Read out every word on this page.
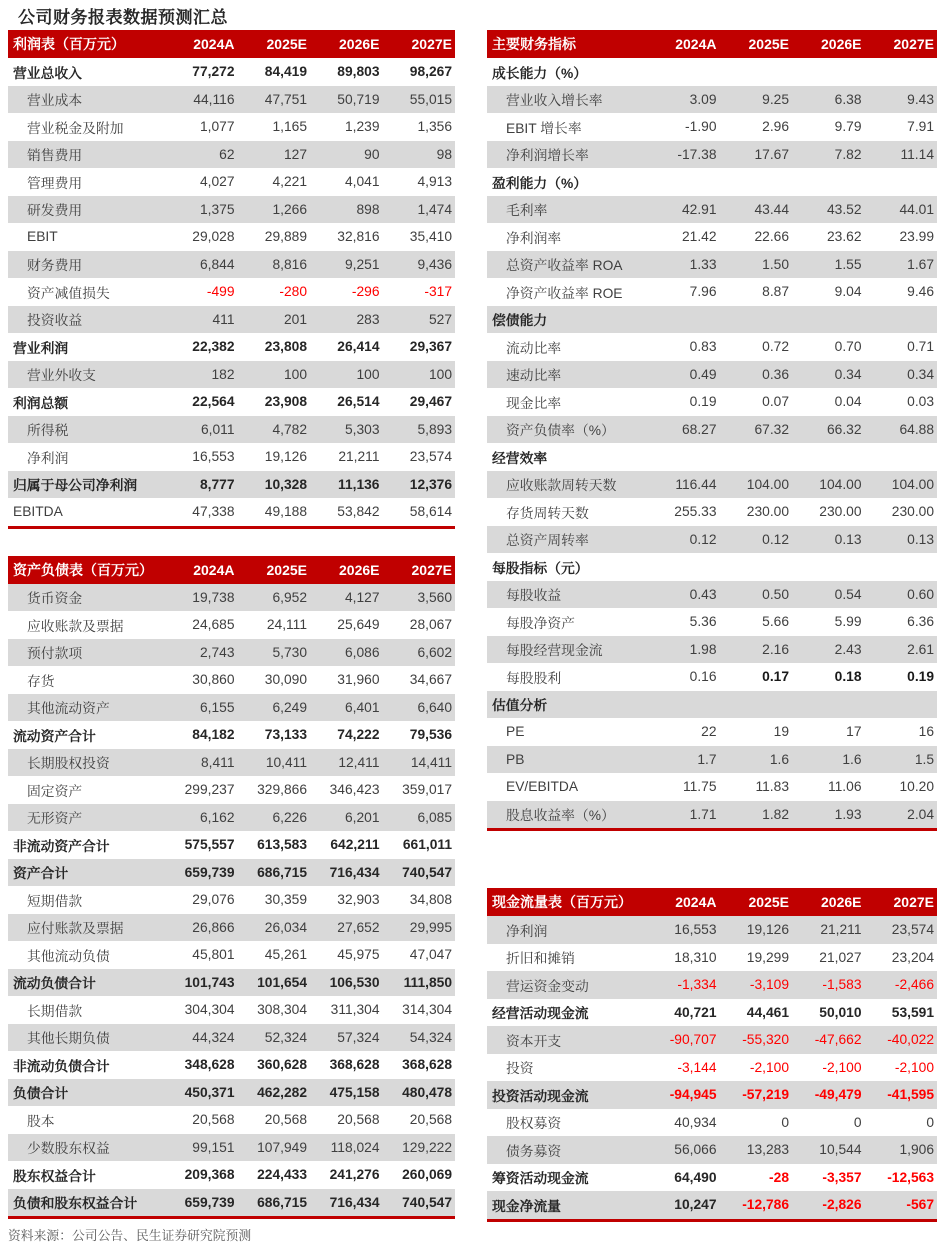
公司财务报表数据预测汇总
利润表（百万元）	2024A	2025E	2026E	2027E
营业总收入	77,272	84,419	89,803	98,267
营业成本	44,116	47,751	50,719	55,015
营业税金及附加	1,077	1,165	1,239	1,356
销售费用	62	127	90	98
管理费用	4,027	4,221	4,041	4,913
研发费用	1,375	1,266	898	1,474
EBIT	29,028	29,889	32,816	35,410
财务费用	6,844	8,816	9,251	9,436
资产减值损失	-499	-280	-296	-317
投资收益	411	201	283	527
营业利润	22,382	23,808	26,414	29,367
营业外收支	182	100	100	100
利润总额	22,564	23,908	26,514	29,467
所得税	6,011	4,782	5,303	5,893
净利润	16,553	19,126	21,211	23,574
归属于母公司净利润	8,777	10,328	11,136	12,376
EBITDA	47,338	49,188	53,842	58,614
资产负债表（百万元）	2024A	2025E	2026E	2027E
货币资金	19,738	6,952	4,127	3,560
应收账款及票据	24,685	24,111	25,649	28,067
预付款项	2,743	5,730	6,086	6,602
存货	30,860	30,090	31,960	34,667
其他流动资产	6,155	6,249	6,401	6,640
流动资产合计	84,182	73,133	74,222	79,536
长期股权投资	8,411	10,411	12,411	14,411
固定资产	299,237	329,866	346,423	359,017
无形资产	6,162	6,226	6,201	6,085
非流动资产合计	575,557	613,583	642,211	661,011
资产合计	659,739	686,715	716,434	740,547
短期借款	29,076	30,359	32,903	34,808
应付账款及票据	26,866	26,034	27,652	29,995
其他流动负债	45,801	45,261	45,975	47,047
流动负债合计	101,743	101,654	106,530	111,850
长期借款	304,304	308,304	311,304	314,304
其他长期负债	44,324	52,324	57,324	54,324
非流动负债合计	348,628	360,628	368,628	368,628
负债合计	450,371	462,282	475,158	480,478
股本	20,568	20,568	20,568	20,568
少数股东权益	99,151	107,949	118,024	129,222
股东权益合计	209,368	224,433	241,276	260,069
负债和股东权益合计	659,739	686,715	716,434	740,547
资料来源：公司公告、民生证券研究院预测
主要财务指标	2024A	2025E	2026E	2027E
成长能力（%）
营业收入增长率	3.09	9.25	6.38	9.43
EBIT 增长率	-1.90	2.96	9.79	7.91
净利润增长率	-17.38	17.67	7.82	11.14
盈利能力（%）
毛利率	42.91	43.44	43.52	44.01
净利润率	21.42	22.66	23.62	23.99
总资产收益率 ROA	1.33	1.50	1.55	1.67
净资产收益率 ROE	7.96	8.87	9.04	9.46
偿债能力
流动比率	0.83	0.72	0.70	0.71
速动比率	0.49	0.36	0.34	0.34
现金比率	0.19	0.07	0.04	0.03
资产负债率（%）	68.27	67.32	66.32	64.88
经营效率
应收账款周转天数	116.44	104.00	104.00	104.00
存货周转天数	255.33	230.00	230.00	230.00
总资产周转率	0.12	0.12	0.13	0.13
每股指标（元）
每股收益	0.43	0.50	0.54	0.60
每股净资产	5.36	5.66	5.99	6.36
每股经营现金流	1.98	2.16	2.43	2.61
每股股利	0.16	0.17	0.18	0.19
估值分析
PE	22	19	17	16
PB	1.7	1.6	1.6	1.5
EV/EBITDA	11.75	11.83	11.06	10.20
股息收益率（%）	1.71	1.82	1.93	2.04
现金流量表（百万元）	2024A	2025E	2026E	2027E
净利润	16,553	19,126	21,211	23,574
折旧和摊销	18,310	19,299	21,027	23,204
营运资金变动	-1,334	-3,109	-1,583	-2,466
经营活动现金流	40,721	44,461	50,010	53,591
资本开支	-90,707	-55,320	-47,662	-40,022
投资	-3,144	-2,100	-2,100	-2,100
投资活动现金流	-94,945	-57,219	-49,479	-41,595
股权募资	40,934	0	0	0
债务募资	56,066	13,283	10,544	1,906
筹资活动现金流	64,490	-28	-3,357	-12,563
现金净流量	10,247	-12,786	-2,826	-567
